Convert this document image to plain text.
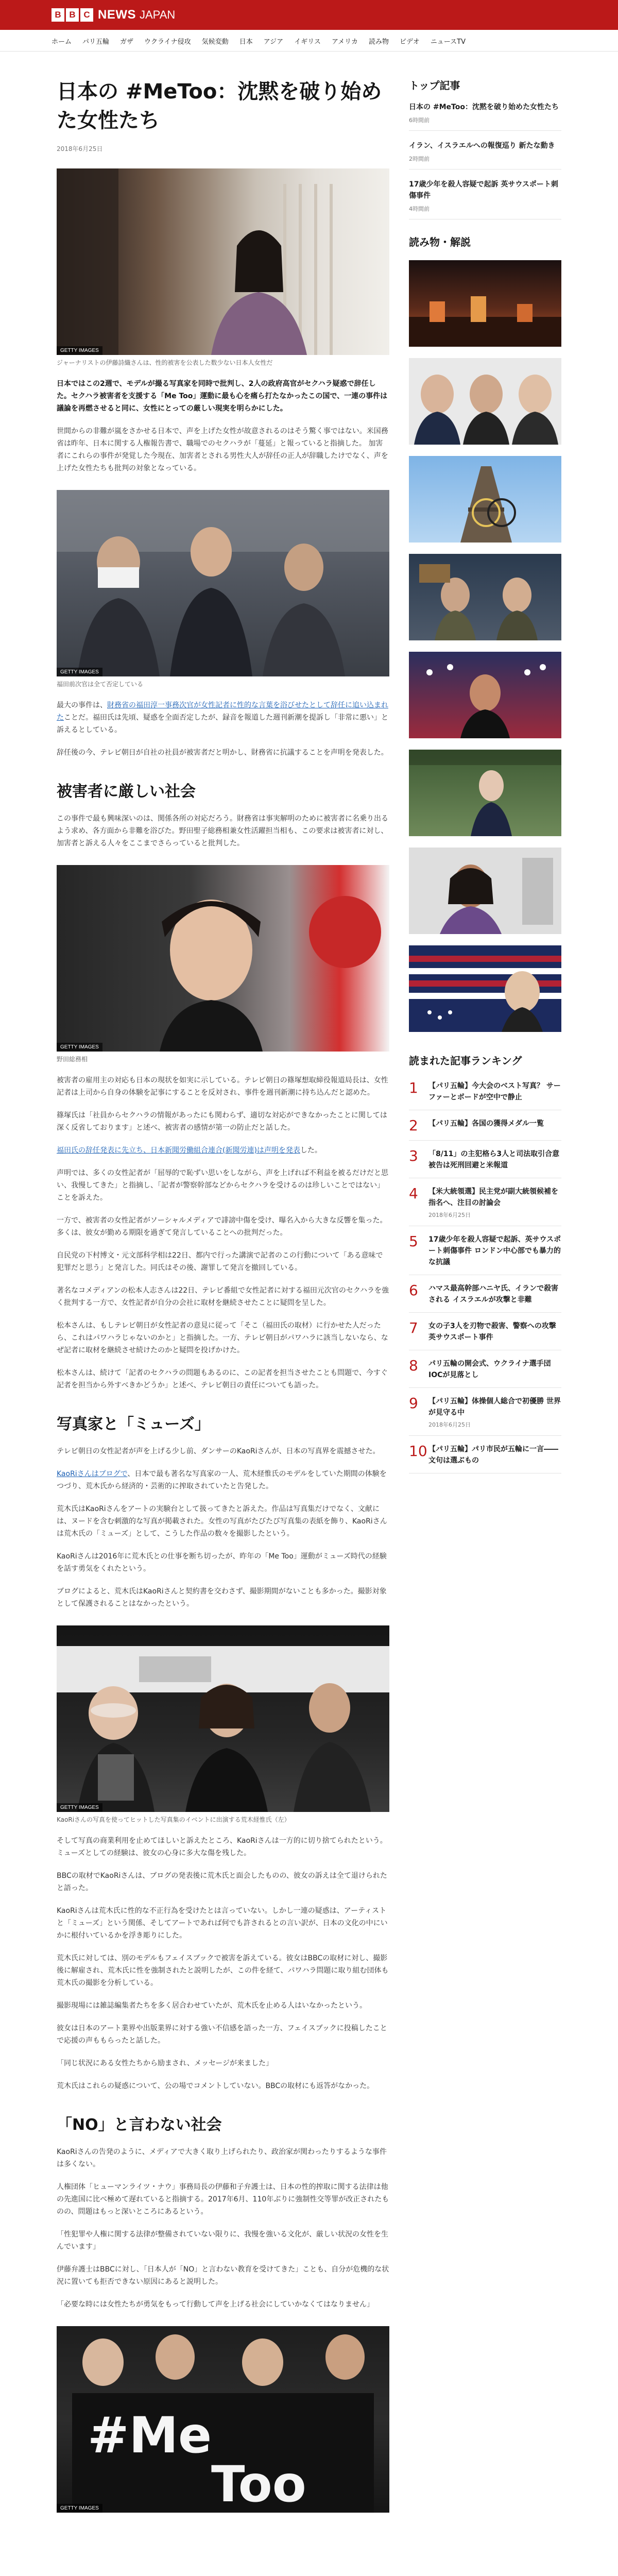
B B C NEWS JAPAN
ホーム パリ五輪 ガザ ウクライナ侵攻 気候変動 日本 アジア イギリス アメリカ 読み物 ビデオ ニュースTV
日本の #MeToo：沈黙を破り始めた女性たち
2018年6月25日
GETTY IMAGES
ジャーナリストの伊藤詩織さんは、性的被害を公表した数少ない日本人女性だ

日本ではこの2週で、モデルが撮る写真家を同時で批判し、2人の政府高官がセクハラ疑惑で辞任した。セクハラ被害者を支援する「Me Too」運動に最も心を痛ら打たなかったこの国で、一連の事件は議論を再燃させると同に、女性にとっての厳しい現実を明らかにした。

世間からの非難が嵐をさかせる日本で、声を上げた女性が故意されるのはそう驚く事ではない。米国務省は昨年、日本に関する人権報告書で、職場でのセクハラが「蔓延」と報っていると指摘した。 加害者にこれらの事件が発覚した今現在、加害者とされる男性大人が辞任の正人が辞職したけでなく、声を上げた女性たちも批判の対象となっている。

GETTY IMAGES
福田前次官は全て否定している

最大の事件は、財務省の福田淳一事務次官が女性記者に性的な言葉を浴びせたとして辞任に追い込まれたことだ。福田氏は先頃、疑惑を全面否定したが、録音を報道した週刊新潮を提訴し「非常に悪い」と訴えるとしている。

辞任後の今、テレビ朝日が自社の社員が被害者だと明かし、財務省に抗議することを声明を発表した。

被害者に厳しい社会

この事件で最も興味深いのは、関係各所の対応だろう。財務省は事実解明のために被害者に名乗り出るよう求め、各方面から非難を浴びた。野田聖子総務相兼女性活躍担当相も、この要求は被害者に対し、加害者と訴える人々をここまでさらっていると批判した。

GETTY IMAGES
野田総務相

被害者の雇用主の対応も日本の現状を如実に示している。テレビ朝日の篠塚想取締役報道局長は、女性記者は上司から自身の体験を記事にすることを反対され、事件を週刊新潮に持ち込んだと認めた。

篠塚氏は「社員からセクハラの情報があったにも関わらず、適切な対応ができなかったことに関しては深く反省しております」と述べ、被害者の感情が第一の防止だと話した。

福田氏の辞任発表に先立ち、日本新聞労働組合連合(新聞労連)は声明を発表した。

声明では、多くの女性記者が「屈辱的で恥ずい思いをしながら、声を上げれば不利益を被るだけだと思い、我慢してきた」と指摘し、「記者が警察幹部などからセクハラを受けるのは珍しいことではない」ことを訴えた。

一方で、被害者の女性記者がソーシャルメディアで誹謗中傷を受け、曝名入から大きな反響を集った。多くは、彼女が勤める期限を過ぎて発言していることへの批判だった。

自民党の下村博文・元文部科学相は22日、都内で行った講演で記者のこの行動について「ある意味で犯罪だと思う」と発言した。同氏はその後、謝罪して発言を撤回している。

著名なコメディアンの松本人志さんは22日、テレビ番組で女性記者に対する福田元次官のセクハラを強く批判する一方で、女性記者が自分の会社に取材を継続させたことに疑問を呈した。

松本さんは、もしテレビ朝日が女性記者の意見に従って「そこ（福田氏の取材）に行かせた人だったら、これはパワハラじゃないのかと」と指摘した。一方、テレビ朝日がパワハラに該当しないなら、なぜ記者に取材を継続させ続けたのかと疑問を投げかけた。

松本さんは、続けて「記者のセクハラの問題もあるのに、この記者を担当させたことも問題で、今すぐ記者を担当から外すべきかどうか」と述べ、テレビ朝日の責任についても語った。

写真家と「ミューズ」

テレビ朝日の女性記者が声を上げる少し前、ダンサーのKaoRiさんが、日本の写真界を震撼させた。

KaoRiさんはブログで、日本で最も著名な写真家の一人、荒木経惟氏のモデルをしていた期間の体験をつづり、荒木氏から経済的・芸術的に搾取されていたと告発した。

荒木氏はKaoRiさんをアートの実験台として扱ってきたと訴えた。作品は写真集だけでなく、文献には、ヌードを含む刺激的な写真が掲載された。女性の写真がたびたび写真集の表紙を飾り、KaoRiさんは荒木氏の「ミューズ」として、こうした作品の数々を撮影したという。

KaoRiさんは2016年に荒木氏との仕事を断ち切ったが、昨年の「Me Too」運動がミューズ時代の経験を話す勇気をくれたという。

ブログによると、荒木氏はKaoRiさんと契約書を交わさず、撮影期間がないことも多かった。撮影対象として保護されることはなかったという。

GETTY IMAGES
KaoRiさんの写真を使ってヒットした写真集のイベントに出演する荒木経惟氏（左）

そして写真の商業利用を止めてほしいと訴えたところ、KaoRiさんは一方的に切り捨てられたという。ミューズとしての経験は、彼女の心身に多大な傷を残した。

BBCの取材でKaoRiさんは、ブログの発表後に荒木氏と面会したものの、彼女の訴えは全て退けられたと語った。

KaoRiさんは荒木氏に性的な不正行為を受けたとは言っていない。しかし一連の疑惑は、アーティストと「ミューズ」という関係、そしてアートであれば何でも許されるとの言い訳が、日本の文化の中にいかに根付いているかを浮き彫りにした。

荒木氏に対しては、別のモデルもフェイスブックで被害を訴えている。彼女はBBCの取材に対し、撮影後に解雇され、荒木氏に性を強制されたと説明したが、この件を経て、パワハラ問題に取り組む団体も荒木氏の撮影を分析している。

撮影現場には雑誌編集者たちを多く居合わせていたが、荒木氏を止める人はいなかったという。

彼女は日本のアート業界や出版業界に対する強い不信感を語った一方、フェイスブックに投稿したことで応援の声ももらったと話した。

「同じ状況にある女性たちから励まされ、メッセージが来ました」

荒木氏はこれらの疑惑について、公の場でコメントしていない。BBCの取材にも返答がなかった。

「NO」と言わない社会

KaoRiさんの告発のように、メディアで大きく取り上げられたり、政治家が関わったりするような事件は多くない。

人権団体「ヒューマンライツ・ナウ」事務局長の伊藤和子弁護士は、日本の性的搾取に関する法律は他の先進国に比べ極めて遅れていると指摘する。2017年6月、110年ぶりに強制性交等罪が改正されたものの、問題はもっと深いところにあるという。

「性犯罪や人権に関する法律が整備されていない限りに、我慢を強いる文化が、厳しい状況の女性を生んでいます」

伊藤弁護士はBBCに対し、「日本人が「NO」と言わない教育を受けてきた」ことも、自分が危機的な状況に置いても拒否できない原因にあると説明した。

「必要な時には女性たちが勇気をもって行動して声を上げる社会にしていかなくてはなりません」

#Me
Too
GETTY IMAGES
トップ記事
日本の #MeToo：沈黙を破り始めた女性たち
6時間前
イラン、イスラエルへの報復巡り 新たな動き
2時間前
17歳少年を殺人容疑で起訴 英サウスポート刺傷事件
4時間前
読み物・解説
読まれた記事ランキング
1	【パリ五輪】今大会のベスト写真？ サーファーとボードが空中で静止
2	【パリ五輪】各国の獲得メダル一覧
3	「8/11」の主犯格ら3人と司法取引合意 被告は死刑回避と米報道
4	【米大統領選】民主党が副大統領候補を指名へ、注目の討論会
2018年6月25日
5	17歳少年を殺人容疑で起訴、英サウスポート刺傷事件 ロンドン中心部でも暴力的な抗議
6	ハマス最高幹部ハニヤ氏、イランで殺害される イスラエルが攻撃と非難
7	女の子3人を刃物で殺害、警察への攻撃 英サウスポート事件
8	パリ五輪の開会式、ウクライナ選手団 IOCが見落とし
9	【パリ五輪】体操個人総合で初優勝 世界が見守る中
2018年6月25日
10 【パリ五輪】パリ市民が五輪に一言――文句は選ぶもの
